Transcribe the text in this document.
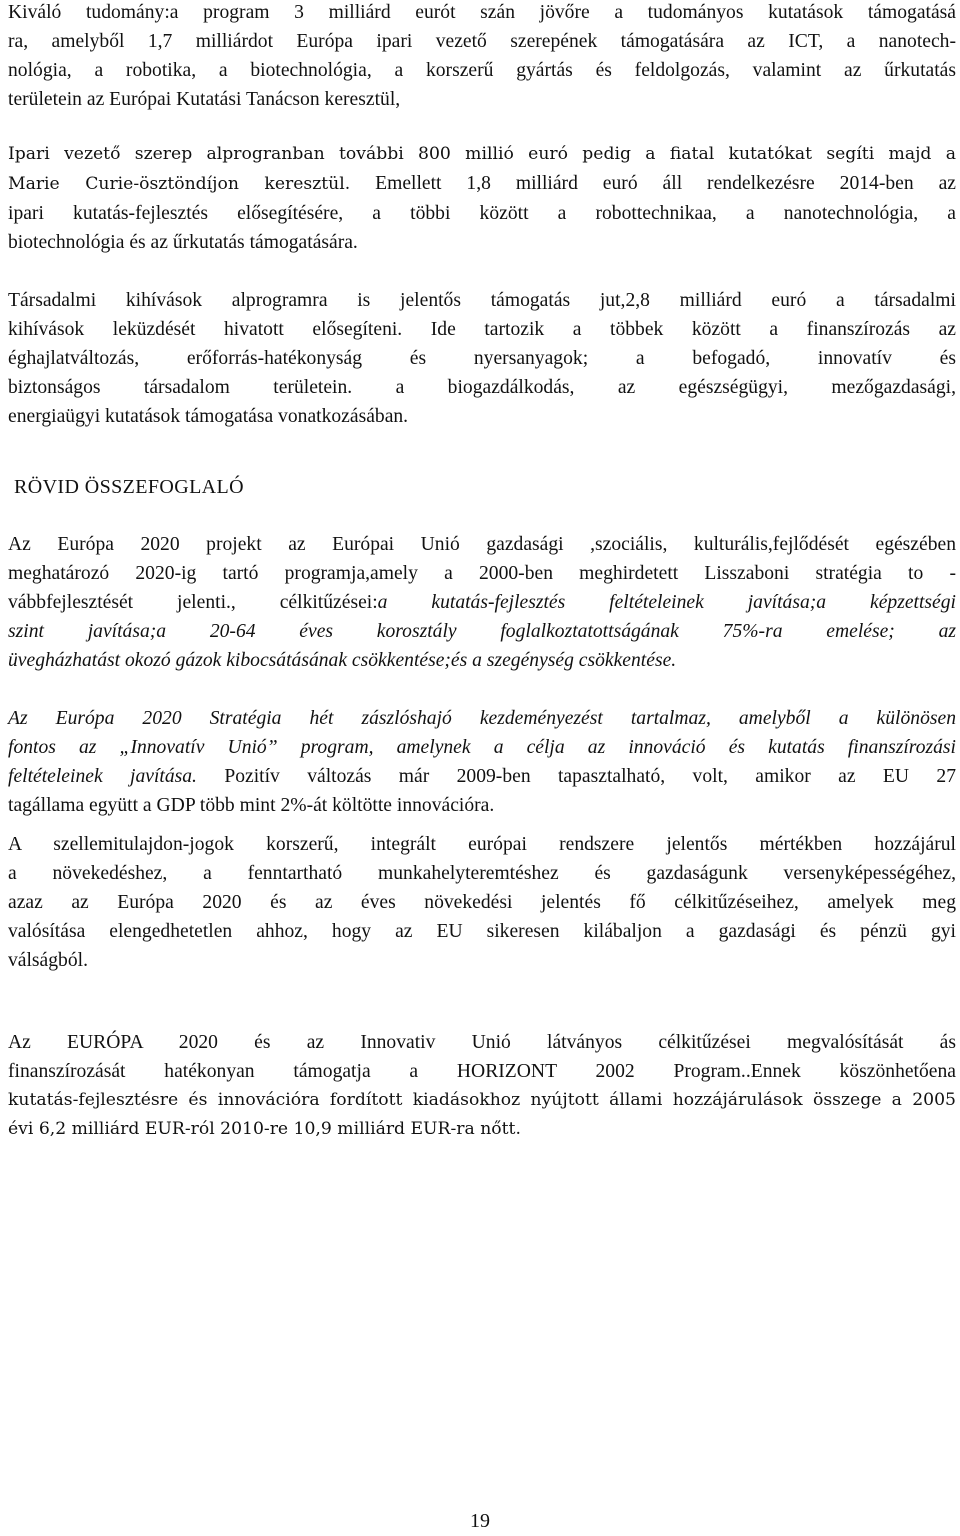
Kiváló tudomány:a program 3 milliárd eurót szán jövőre a tudományos kutatások támogatásá
ra, amelyből 1,7 milliárdot Európa ipari vezető szerepének támogatására az ICT, a nanotech-
nológia, a robotika, a biotechnológia, a korszerű gyártás és feldolgozás, valamint az űrkutatás
területein az Európai Kutatási Tanácson keresztül,
Ipari vezető szerep alprogranban további 800 millió euró pedig a fiatal kutatókat segíti majd a
Marie Curie-ösztöndíjon keresztül. Emellett 1,8 milliárd euró áll rendelkezésre 2014-ben az
ipari kutatás-fejlesztés elősegítésére, a többi között a robottechnikaa, a nanotechnológia, a
biotechnológia és az űrkutatás támogatására.
Társadalmi kihívások alprogramra is jelentős támogatás jut,2,8 milliárd euró a társadalmi
kihívások leküzdését hivatott elősegíteni. Ide tartozik a többek között a finanszírozás az
éghajlatváltozás, erőforrás-hatékonyság és nyersanyagok; a befogadó, innovatív és
biztonságos társadalom területein. a biogazdálkodás, az egészségügyi, mezőgazdasági,
energiaügyi kutatások támogatása vonatkozásában.
RÖVID ÖSSZEFOGLALÓ
Az Európa 2020 projekt az Európai Unió gazdasági ,szociális, kulturális,fejlődését egészében
meghatározó 2020-ig tartó programja,amely a 2000-ben meghirdetett Lisszaboni stratégia to -
vábbfejlesztését jelenti., célkitűzései:a kutatás-fejlesztés feltételeinek javítása;a képzettségi
szint javítása;a 20-64 éves korosztály foglalkoztatottságának 75%-ra emelése; az
üvegházhatást okozó gázok kibocsátásának csökkentése;és a szegénység csökkentése.
Az Európa 2020 Stratégia hét zászlóshajó kezdeményezést tartalmaz, amelyből a különösen
fontos az „Innovatív Unió” program, amelynek a célja az innováció és kutatás finanszírozási
feltételeinek javítása. Pozitív változás már 2009-ben tapasztalható, volt, amikor az EU 27
tagállama együtt a GDP több mint 2%-át költötte innovációra.
A szellemitulajdon-jogok korszerű, integrált európai rendszere jelentős mértékben hozzájárul
a növekedéshez, a fenntartható munkahelyteremtéshez és gazdaságunk versenyképességéhez,
azaz az Európa 2020 és az éves növekedési jelentés fő célkitűzéseihez, amelyek meg
valósítása elengedhetetlen ahhoz, hogy az EU sikeresen kilábaljon a gazdasági és pénzü gyi
válságból.
Az EURÓPA 2020 és az Innovativ Unió látványos célkitűzései megvalósítását ás
finanszírozását hatékonyan támogatja a HORIZONT 2002 Program..Ennek köszönhetőena
kutatás-fejlesztésre és innovációra fordított kiadásokhoz nyújtott állami hozzájárulások összege a 2005
évi 6,2 milliárd EUR-ról 2010-re 10,9 milliárd EUR-ra nőtt.
19
